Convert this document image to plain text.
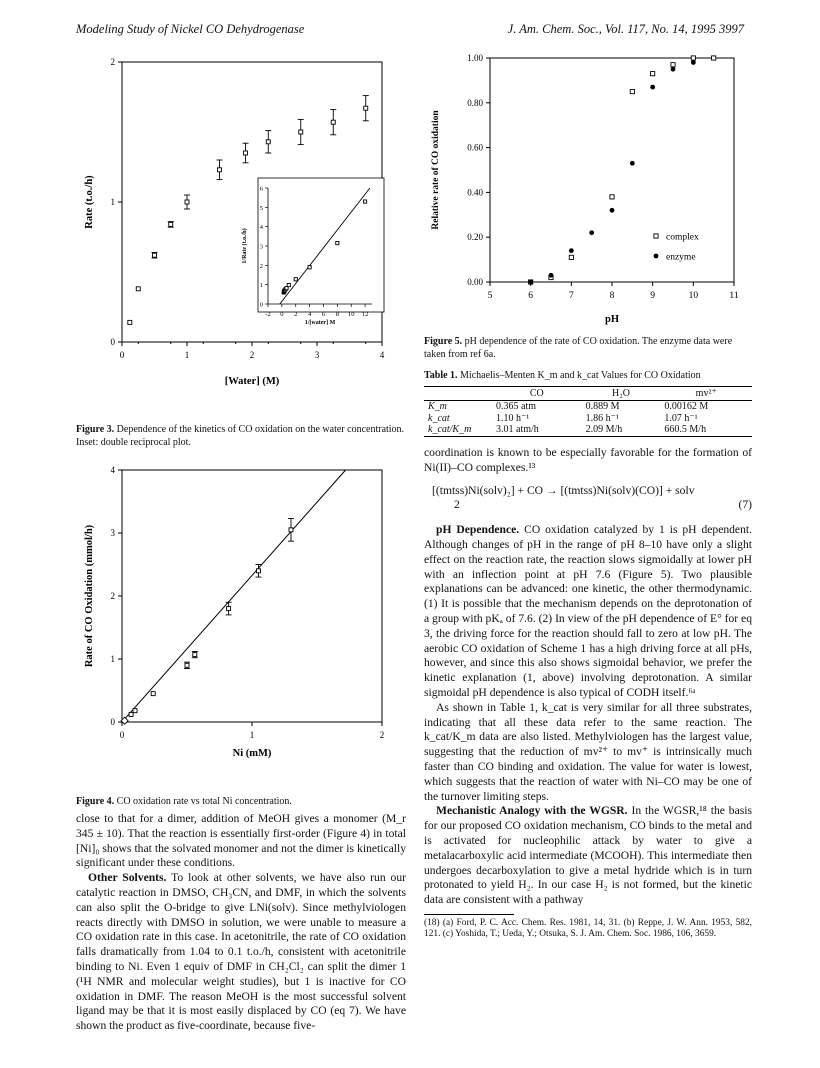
Modeling Study of Nickel CO Dehydrogenase	J. Am. Chem. Soc., Vol. 117, No. 14, 1995 3997
0	1	2	3	4
0
1
2
[Water] (M)
Rate (t.o./h)
-2 0 2 4 6 8 10 12
0
1
2
3
4
5
6
1/[water] M
1/Rate (t.o./h)
Figure 3. Dependence of the kinetics of CO oxidation on the water concentration. Inset: double reciprocal plot.
0	1	2
0
1
2
3
4
Ni (mM)
Rate of CO Oxidation (mmol/h)
Figure 4. CO oxidation rate vs total Ni concentration.

close to that for a dimer, addition of MeOH gives a monomer (M_r 345 ± 10). That the reaction is essentially first-order (Figure 4) in total [Ni]₀ shows that the solvated monomer and not the dimer is kinetically significant under these conditions.

Other Solvents. To look at other solvents, we have also run our catalytic reaction in DMSO, CH₃CN, and DMF, in which the solvents can also split the O-bridge to give LNi(solv). Since methylviologen reacts directly with DMSO in solution, we were unable to measure a CO oxidation rate in this case. In acetonitrile, the rate of CO oxidation falls dramatically from 1.04 to 0.1 t.o./h, consistent with acetonitrile binding to Ni. Even 1 equiv of DMF in CH₂Cl₂ can split the dimer 1 (¹H NMR and molecular weight studies), but 1 is inactive for CO oxidation in DMF. The reason MeOH is the most successful solvent ligand may be that it is most easily displaced by CO (eq 7). We have shown the product as five-coordinate, because five-

5	6	7	8	9	10	11
0.00
0.20
0.40
0.60
0.80
1.00
pH
Relative rate of CO oxidation
complex
enzyme
Figure 5. pH dependence of the rate of CO oxidation. The enzyme data were taken from ref 6a.
Table 1. Michaelis–Menten K_m and k_cat Values for CO Oxidation
	CO	H₂O	mv²⁺
K_m	0.365 atm	0.889 M	0.00162 M
k_cat	1.10 h⁻¹	1.86 h⁻¹	1.07 h⁻¹
k_cat/K_m	3.01 atm/h	2.09 M/h	660.5 M/h

coordination is known to be especially favorable for the formation of Ni(II)–CO complexes.¹³

[(tmtss)Ni(solv)₂] + CO → [(tmtss)Ni(solv)(CO)] + solv
2	(7)

pH Dependence. CO oxidation catalyzed by 1 is pH dependent. Although changes of pH in the range of pH 8–10 have only a slight effect on the reaction rate, the reaction slows sigmoidally at lower pH with an inflection point at pH 7.6 (Figure 5). Two plausible explanations can be advanced: one kinetic, the other thermodynamic. (1) It is possible that the mechanism depends on the deprotonation of a group with pKₐ of 7.6. (2) In view of the pH dependence of E° for eq 3, the driving force for the reaction should fall to zero at low pH. The aerobic CO oxidation of Scheme 1 has a high driving force at all pHs, however, and since this also shows sigmoidal behavior, we prefer the kinetic explanation (1, above) involving deprotonation. A similar sigmoidal pH dependence is also typical of CODH itself.⁶ᵃ

As shown in Table 1, k_cat is very similar for all three substrates, indicating that all these data refer to the same reaction. The k_cat/K_m data are also listed. Methylviologen has the largest value, suggesting that the reduction of mv²⁺ to mv⁺ is intrinsically much faster than CO binding and oxidation. The value for water is lowest, which suggests that the reaction of water with Ni–CO may be one of the turnover limiting steps.

Mechanistic Analogy with the WGSR. In the WGSR,¹⁸ the basis for our proposed CO oxidation mechanism, CO binds to the metal and is activated for nucleophilic attack by water to give a metalacarboxylic acid intermediate (MCOOH). This intermediate then undergoes decarboxylation to give a metal hydride which is in turn protonated to yield H₂. In our case H₂ is not formed, but the kinetic data are consistent with a pathway

(18) (a) Ford, P. C. Acc. Chem. Res. 1981, 14, 31. (b) Reppe, J. W. Ann. 1953, 582, 121. (c) Yoshida, T.; Ueda, Y.; Otsuka, S. J. Am. Chem. Soc. 1986, 106, 3659.
